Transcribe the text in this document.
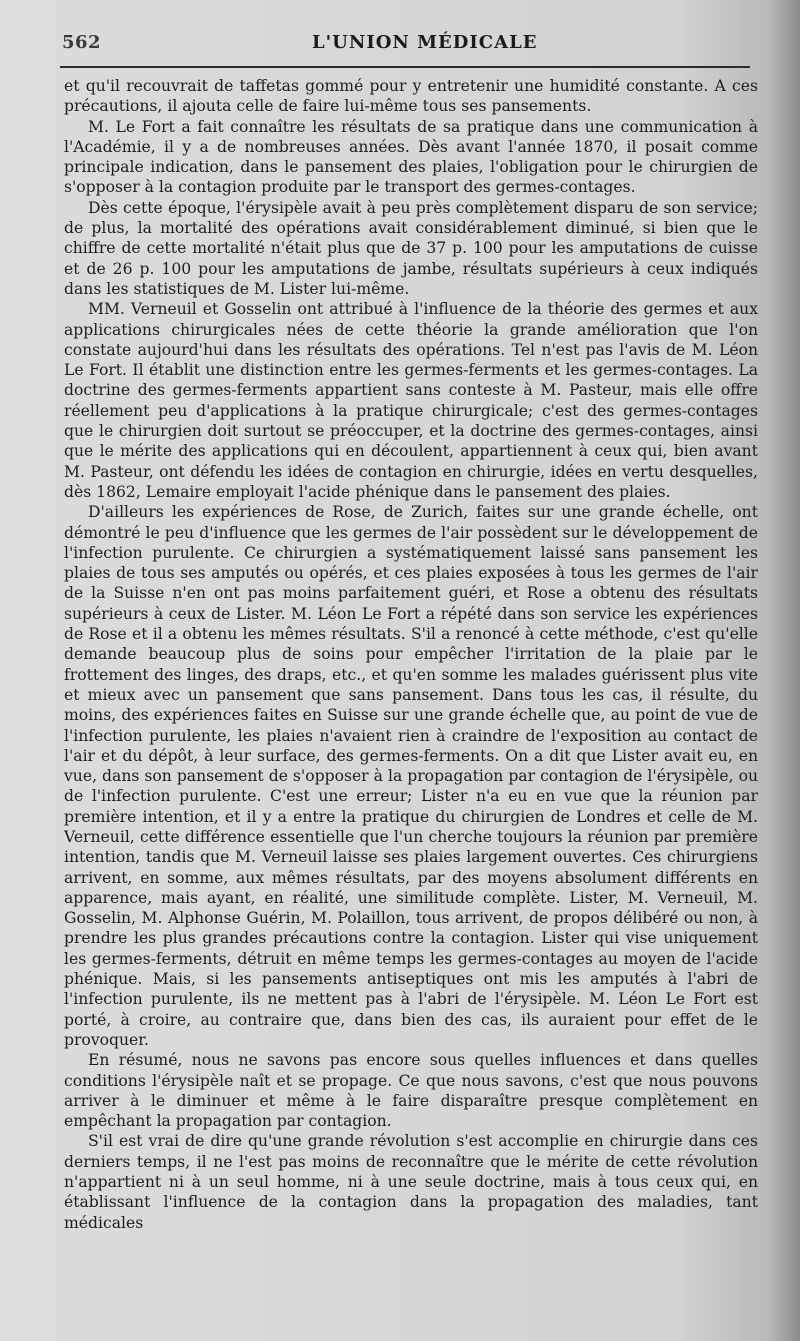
562	L'UNION MÉDICALE

et qu'il recouvrait de taffetas gommé pour y entretenir une humidité constante. A ces précautions, il ajouta celle de faire lui-même tous ses pansements.

M. Le Fort a fait connaître les résultats de sa pratique dans une communication à l'Académie, il y a de nombreuses années. Dès avant l'année 1870, il posait comme principale indication, dans le pansement des plaies, l'obligation pour le chirurgien de s'opposer à la contagion produite par le transport des germes-contages.

Dès cette époque, l'érysipèle avait à peu près complètement disparu de son service; de plus, la mortalité des opérations avait considérablement diminué, si bien que le chiffre de cette mortalité n'était plus que de 37 p. 100 pour les amputations de cuisse et de 26 p. 100 pour les amputations de jambe, résultats supérieurs à ceux indiqués dans les statistiques de M. Lister lui-même.

MM. Verneuil et Gosselin ont attribué à l'influence de la théorie des germes et aux applications chirurgicales nées de cette théorie la grande amélioration que l'on constate aujourd'hui dans les résultats des opérations. Tel n'est pas l'avis de M. Léon Le Fort. Il établit une distinction entre les germes-ferments et les germes-contages. La doctrine des germes-ferments appartient sans conteste à M. Pasteur, mais elle offre réellement peu d'applications à la pratique chirurgicale; c'est des germes-contages que le chirurgien doit surtout se préoccuper, et la doctrine des germes-contages, ainsi que le mérite des applications qui en découlent, appartiennent à ceux qui, bien avant M. Pasteur, ont défendu les idées de contagion en chirurgie, idées en vertu desquelles, dès 1862, Lemaire employait l'acide phénique dans le pansement des plaies.

D'ailleurs les expériences de Rose, de Zurich, faites sur une grande échelle, ont démontré le peu d'influence que les germes de l'air possèdent sur le développement de l'infection purulente. Ce chirurgien a systématiquement laissé sans pansement les plaies de tous ses amputés ou opérés, et ces plaies exposées à tous les germes de l'air de la Suisse n'en ont pas moins parfaitement guéri, et Rose a obtenu des résultats supérieurs à ceux de Lister. M. Léon Le Fort a répété dans son service les expériences de Rose et il a obtenu les mêmes résultats. S'il a renoncé à cette méthode, c'est qu'elle demande beaucoup plus de soins pour empêcher l'irritation de la plaie par le frottement des linges, des draps, etc., et qu'en somme les malades guérissent plus vite et mieux avec un pansement que sans pansement. Dans tous les cas, il résulte, du moins, des expériences faites en Suisse sur une grande échelle que, au point de vue de l'infection purulente, les plaies n'avaient rien à craindre de l'exposition au contact de l'air et du dépôt, à leur surface, des germes-ferments. On a dit que Lister avait eu, en vue, dans son pansement de s'opposer à la propagation par contagion de l'érysipèle, ou de l'infection purulente. C'est une erreur; Lister n'a eu en vue que la réunion par première intention, et il y a entre la pratique du chirurgien de Londres et celle de M. Verneuil, cette différence essentielle que l'un cherche toujours la réunion par première intention, tandis que M. Verneuil laisse ses plaies largement ouvertes. Ces chirurgiens arrivent, en somme, aux mêmes résultats, par des moyens absolument différents en apparence, mais ayant, en réalité, une similitude complète. Lister, M. Verneuil, M. Gosselin, M. Alphonse Guérin, M. Polaillon, tous arrivent, de propos délibéré ou non, à prendre les plus grandes précautions contre la contagion. Lister qui vise uniquement les germes-ferments, détruit en même temps les germes-contages au moyen de l'acide phénique. Mais, si les pansements antiseptiques ont mis les amputés à l'abri de l'infection purulente, ils ne mettent pas à l'abri de l'érysipèle. M. Léon Le Fort est porté, à croire, au contraire que, dans bien des cas, ils auraient pour effet de le provoquer.

En résumé, nous ne savons pas encore sous quelles influences et dans quelles conditions l'érysipèle naît et se propage. Ce que nous savons, c'est que nous pouvons arriver à le diminuer et même à le faire disparaître presque complètement en empêchant la propagation par contagion.

S'il est vrai de dire qu'une grande révolution s'est accomplie en chirurgie dans ces derniers temps, il ne l'est pas moins de reconnaître que le mérite de cette révolution n'appartient ni à un seul homme, ni à une seule doctrine, mais à tous ceux qui, en établissant l'influence de la contagion dans la propagation des maladies, tant médicales
